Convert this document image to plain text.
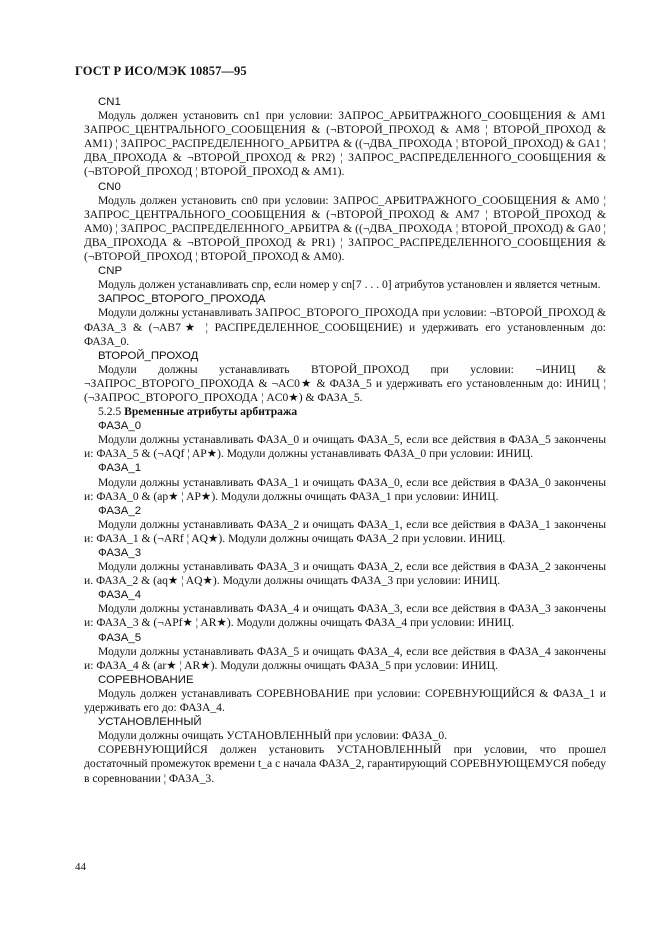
ГОСТ Р ИСО/МЭК 10857—95
CN1

Модуль должен установить cn1 при условии: ЗАПРОС_АРБИТРАЖНОГО_СООБЩЕНИЯ & AM1 ЗАПРОС_ЦЕНТРАЛЬНОГО_СООБЩЕНИЯ & (¬ВТОРОЙ_ПРОХОД & AM8 ¦ ВТОРОЙ_ПРОХОД & AM1) ¦ ЗАПРОС_РАСПРЕДЕЛЕННОГО_АРБИТРА & ((¬ДВА_ПРОХОДА ¦ ВТОРОЙ_ПРОХОД) & GA1 ¦ ДВА_ПРОХОДА & ¬ВТОРОЙ_ПРОХОД & PR2) ¦ ЗАПРОС_РАСПРЕДЕЛЕННОГО_СООБЩЕНИЯ & (¬ВТОРОЙ_ПРОХОД ¦ ВТОРОЙ_ПРОХОД & AM1).

CN0

Модуль должен установить cn0 при условии: ЗАПРОС_АРБИТРАЖНОГО_СООБЩЕНИЯ & AM0 ¦ ЗАПРОС_ЦЕНТРАЛЬНОГО_СООБЩЕНИЯ & (¬ВТОРОЙ_ПРОХОД & AM7 ¦ ВТОРОЙ_ПРОХОД & AM0) ¦ ЗАПРОС_РАСПРЕДЕЛЕННОГО_АРБИТРА & ((¬ДВА_ПРОХОДА ¦ ВТОРОЙ_ПРОХОД) & GA0 ¦ ДВА_ПРОХОДА & ¬ВТОРОЙ_ПРОХОД & PR1) ¦ ЗАПРОС_РАСПРЕДЕЛЕННОГО_СООБЩЕНИЯ & (¬ВТОРОЙ_ПРОХОД ¦ ВТОРОЙ_ПРОХОД & AM0).

CNP

Модуль должен устанавливать cnp, если номер у cn[7 . . . 0] атрибутов установлен и является четным.

ЗАПРОС_ВТОРОГО_ПРОХОДА

Модули должны устанавливать ЗАПРОС_ВТОРОГО_ПРОХОДА при условии: ¬ВТОРОЙ_ПРОХОД & ФАЗА_3 & (¬AB7★ ¦ РАСПРЕДЕЛЕННОЕ_СООБЩЕНИЕ) и удерживать его установленным до: ФАЗА_0.

ВТОРОЙ_ПРОХОД

Модули должны устанавливать ВТОРОЙ_ПРОХОД при условии: ¬ИНИЦ & ¬ЗАПРОС_ВТОРОГО_ПРОХОДА & ¬AC0★ & ФАЗА_5 и удерживать его установленным до: ИНИЦ ¦ (¬ЗАПРОС_ВТОРОГО_ПРОХОДА ¦ AC0★) & ФАЗА_5.

5.2.5 Временные атрибуты арбитража
ФАЗА_0

Модули должны устанавливать ФАЗА_0 и очищать ФАЗА_5, если все действия в ФАЗА_5 закончены и: ФАЗА_5 & (¬AQf ¦ AP★). Модули должны устанавливать ФАЗА_0 при условии: ИНИЦ.

ФАЗА_1

Модули должны устанавливать ФАЗА_1 и очищать ФАЗА_0, если все действия в ФАЗА_0 закончены и: ФАЗА_0 & (ap★ ¦ AP★). Модули должны очищать ФАЗА_1 при условии: ИНИЦ.

ФАЗА_2

Модули должны устанавливать ФАЗА_2 и очищать ФАЗА_1, если все действия в ФАЗА_1 закончены и: ФАЗА_1 & (¬ARf ¦ AQ★). Модули должны очищать ФАЗА_2 при условии. ИНИЦ.

ФАЗА_3

Модули должны устанавливать ФАЗА_3 и очищать ФАЗА_2, если все действия в ФАЗА_2 закончены и. ФАЗА_2 & (aq★ ¦ AQ★). Модули должны очищать ФАЗА_3 при условии: ИНИЦ.

ФАЗА_4

Модули должны устанавливать ФАЗА_4 и очищать ФАЗА_3, если все действия в ФАЗА_3 закончены и: ФАЗА_3 & (¬APf★ ¦ AR★). Модули должны очищать ФАЗА_4 при условии: ИНИЦ.

ФАЗА_5

Модули должны устанавливать ФАЗА_5 и очищать ФАЗА_4, если все действия в ФАЗА_4 закончены и: ФАЗА_4 & (ar★ ¦ AR★). Модули должны очищать ФАЗА_5 при условии: ИНИЦ.

СОРЕВНОВАНИЕ

Модуль должен устанавливать СОРЕВНОВАНИЕ при условии: СОРЕВНУЮЩИЙСЯ & ФАЗА_1 и удерживать его до: ФАЗА_4.

УСТАНОВЛЕННЫЙ

Модули должны очищать УСТАНОВЛЕННЫЙ при условии: ФАЗА_0.

СОРЕВНУЮЩИЙСЯ должен установить УСТАНОВЛЕННЫЙ при условии, что прошел достаточный промежуток времени t_a с начала ФАЗА_2, гарантирующий СОРЕВНУЮЩЕМУСЯ победу в соревновании ¦ ФАЗА_3.

44
